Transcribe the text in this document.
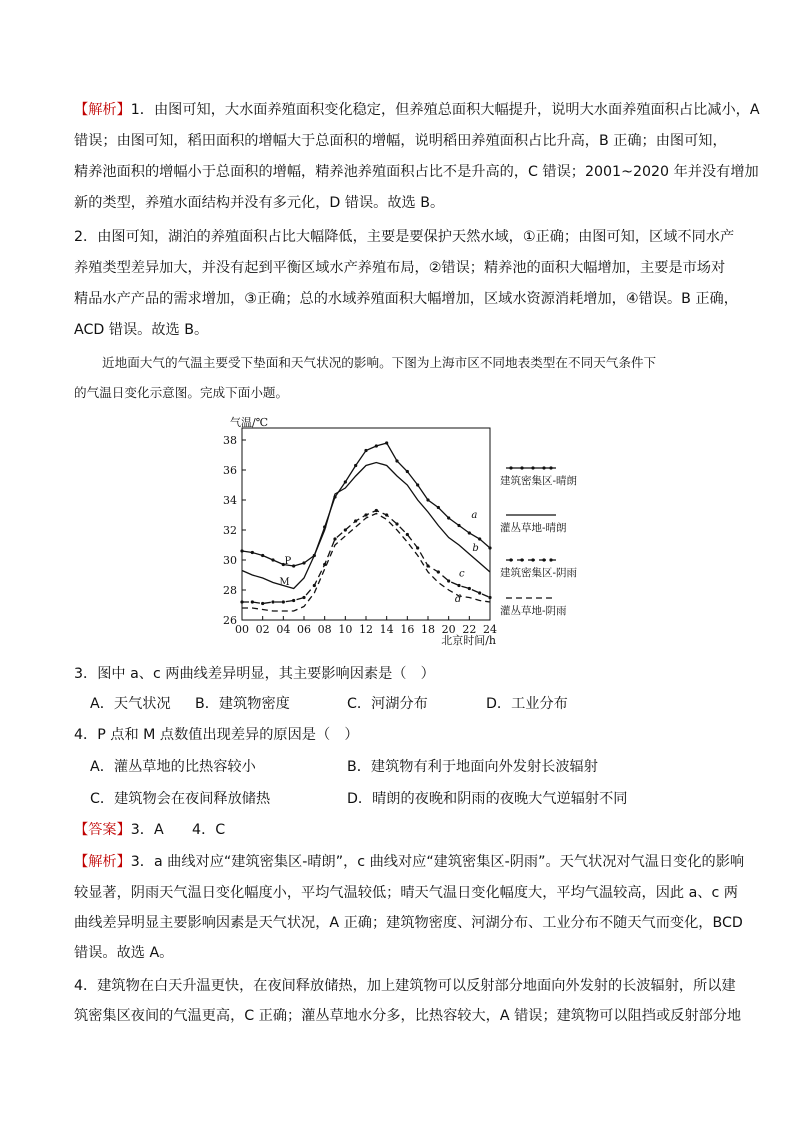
【解析】1．由图可知，大水面养殖面积变化稳定，但养殖总面积大幅提升，说明大水面养殖面积占比减小，A
错误；由图可知，稻田面积的增幅大于总面积的增幅，说明稻田养殖面积占比升高，B 正确；由图可知，
精养池面积的增幅小于总面积的增幅，精养池养殖面积占比不是升高的，C 错误；2001~2020 年并没有增加
新的类型，养殖水面结构并没有多元化，D 错误。故选 B。
2．由图可知，湖泊的养殖面积占比大幅降低，主要是要保护天然水域，①正确；由图可知，区域不同水产
养殖类型差异加大，并没有起到平衡区域水产养殖布局，②错误；精养池的面积大幅增加，主要是市场对
精品水产产品的需求增加，③正确；总的水域养殖面积大幅增加，区域水资源消耗增加，④错误。B 正确，
ACD 错误。故选 B。
近地面大气的气温主要受下垫面和天气状况的影响。下图为上海市区不同地表类型在不同天气条件下
的气温日变化示意图。完成下面小题。
26
28
30
32
34
36
38
00 02 04 06 08 10 12 14 16 18 20 22 24
气温/℃
北京时间/h
a
建筑密集区-晴朗
b
灌丛草地-晴朗
c	建筑密集区-阴雨
d
灌丛草地-阴雨
P
M
3．图中 a、c 两曲线差异明显，其主要影响因素是（　）
A．天气状况 B．建筑物密度	C．河湖分布	D．工业分布
4．P 点和 M 点数值出现差异的原因是（　）
A．灌丛草地的比热容较小	B．建筑物有利于地面向外发射长波辐射
C．建筑物会在夜间释放储热	D．晴朗的夜晚和阴雨的夜晚大气逆辐射不同
【答案】3．A　　4．C
【解析】3．a 曲线对应“建筑密集区-晴朗”，c 曲线对应“建筑密集区-阴雨”。天气状况对气温日变化的影响
较显著，阴雨天气温日变化幅度小，平均气温较低；晴天气温日变化幅度大，平均气温较高，因此 a、c 两
曲线差异明显主要影响因素是天气状况，A 正确；建筑物密度、河湖分布、工业分布不随天气而变化，BCD
错误。故选 A。
4．建筑物在白天升温更快，在夜间释放储热，加上建筑物可以反射部分地面向外发射的长波辐射，所以建
筑密集区夜间的气温更高，C 正确；灌丛草地水分多，比热容较大，A 错误；建筑物可以阻挡或反射部分地
